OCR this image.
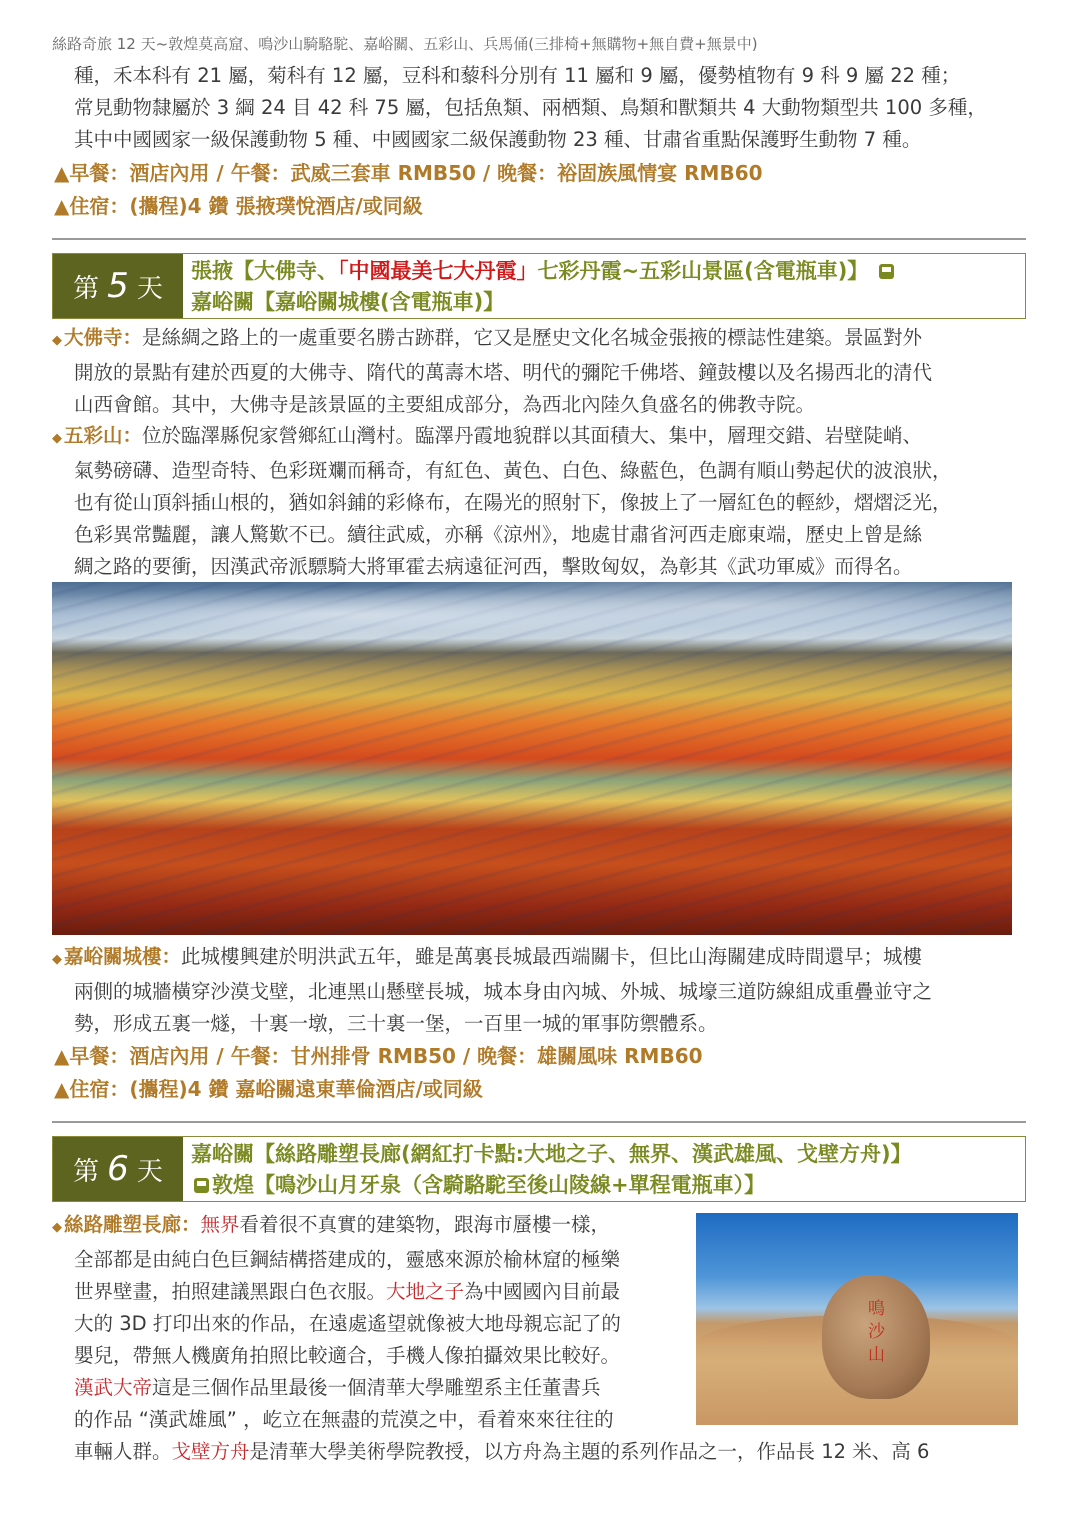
絲路奇旅 12 天~敦煌莫高窟、鳴沙山騎駱駝、嘉峪關、五彩山、兵馬俑(三排椅+無購物+無自費+無景中)
種，禾本科有 21 屬，菊科有 12 屬，豆科和藜科分別有 11 屬和 9 屬，優勢植物有 9 科 9 屬 22 種；
常見動物隸屬於 3 綱 24 目 42 科 75 屬，包括魚類、兩栖類、鳥類和獸類共 4 大動物類型共 100 多種，
其中中國國家一級保護動物 5 種、中國國家二級保護動物 23 種、甘肅省重點保護野生動物 7 種。
▲早餐：酒店內用 / 午餐：武威三套車 RMB50 / 晚餐：裕固族風情宴 RMB60
▲住宿：(攜程)4 鑽 張掖璞悅酒店/或同級
第 5 天
張掖【大佛寺、「中國最美七大丹霞」七彩丹霞~五彩山景區(含電瓶車)】
嘉峪關【嘉峪關城樓(含電瓶車)】
◆ 大佛寺：是絲綢之路上的一處重要名勝古跡群，它又是歷史文化名城金張掖的標誌性建築。景區對外
開放的景點有建於西夏的大佛寺、隋代的萬壽木塔、明代的彌陀千佛塔、鐘鼓樓以及名揚西北的清代
山西會館。其中，大佛寺是該景區的主要組成部分，為西北內陸久負盛名的佛教寺院。
◆ 五彩山：位於臨澤縣倪家營鄉紅山灣村。臨澤丹霞地貌群以其面積大、集中，層理交錯、岩壁陡峭、
氣勢磅礴、造型奇特、色彩斑斕而稱奇，有紅色、黃色、白色、綠藍色，色調有順山勢起伏的波浪狀，
也有從山頂斜插山根的，猶如斜鋪的彩條布，在陽光的照射下，像披上了一層紅色的輕紗，熠熠泛光，
色彩異常豔麗，讓人驚歎不已。續往武威，亦稱《涼州》，地處甘肅省河西走廊東端，歷史上曾是絲
綢之路的要衝，因漢武帝派驃騎大將軍霍去病遠征河西，擊敗匈奴，為彰其《武功軍威》而得名。
◆ 嘉峪關城樓：此城樓興建於明洪武五年，雖是萬裏長城最西端關卡，但比山海關建成時間還早；城樓
兩側的城牆橫穿沙漠戈壁，北連黑山懸壁長城，城本身由內城、外城、城壕三道防線組成重疊並守之
勢，形成五裏一燧，十裏一墩，三十裏一堡，一百里一城的軍事防禦體系。
▲早餐：酒店內用 / 午餐：甘州排骨 RMB50 / 晚餐：雄關風味 RMB60
▲住宿：(攜程)4 鑽 嘉峪關遠東華倫酒店/或同級
第 6 天
嘉峪關【絲路雕塑長廊(網紅打卡點:大地之子、無界、漢武雄風、戈壁方舟)】
敦煌【鳴沙山月牙泉（含騎駱駝至後山陵線+單程電瓶車）】
◆ 絲路雕塑長廊：無界看着很不真實的建築物，跟海市蜃樓一樣，
全部都是由純白色巨鋼結構搭建成的，靈感來源於榆林窟的極樂
世界壁畫，拍照建議黑跟白色衣服。大地之子為中國國內目前最
大的 3D 打印出來的作品，在遠處遙望就像被大地母親忘記了的
嬰兒，帶無人機廣角拍照比較適合，手機人像拍攝效果比較好。
漢武大帝這是三個作品里最後一個清華大學雕塑系主任董書兵
的作品 “漢武雄風” ，屹立在無盡的荒漠之中，看着來來往往的
車輛人群。戈壁方舟是清華大學美術學院教授，以方舟為主題的系列作品之一，作品長 12 米、高 6
鳴沙山
